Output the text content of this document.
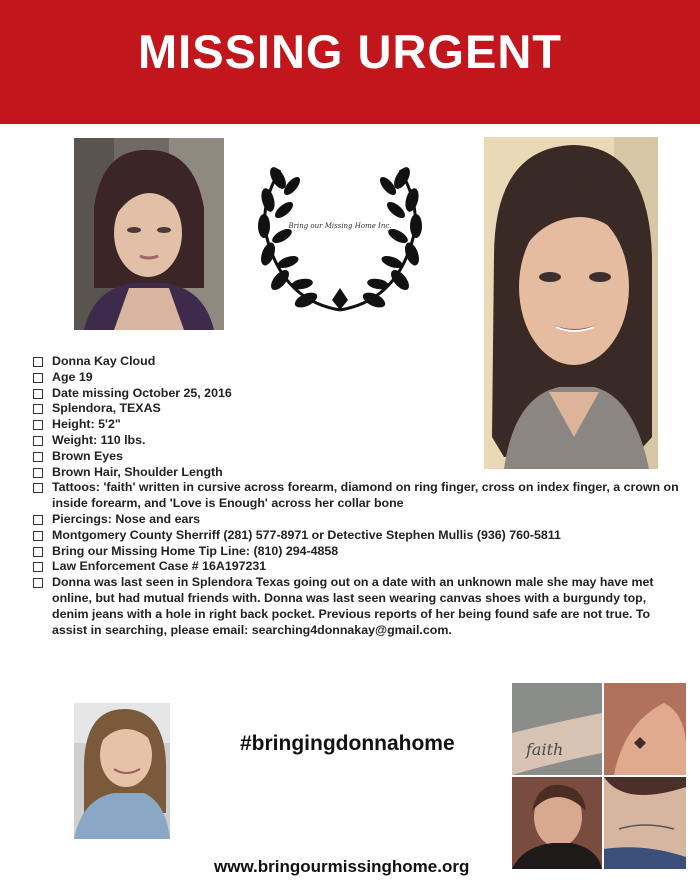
MISSING URGENT
Bring our Missing Home Inc.
Donna Kay Cloud
Age 19
Date missing October 25, 2016
Splendora, TEXAS
Height: 5'2"
Weight: 110 lbs.
Brown Eyes
Brown Hair, Shoulder Length
Tattoos: 'faith' written in cursive across forearm, diamond on ring finger, cross on index finger, a crown on inside forearm, and 'Love is Enough' across her collar bone
Piercings: Nose and ears
Montgomery County Sherriff (281) 577-8971 or Detective Stephen Mullis (936) 760-5811
Bring our Missing Home Tip Line: (810) 294-4858
Law Enforcement Case # 16A197231
Donna was last seen in Splendora Texas going out on a date with an unknown male she may have met online, but had mutual friends with. Donna was last seen wearing canvas shoes with a burgundy top, denim jeans with a hole in right back pocket. Previous reports of her being found safe are not true. To assist in searching, please email: searching4donnakay@gmail.com.
#bringingdonnahome	faith
www.bringourmissinghome.org
